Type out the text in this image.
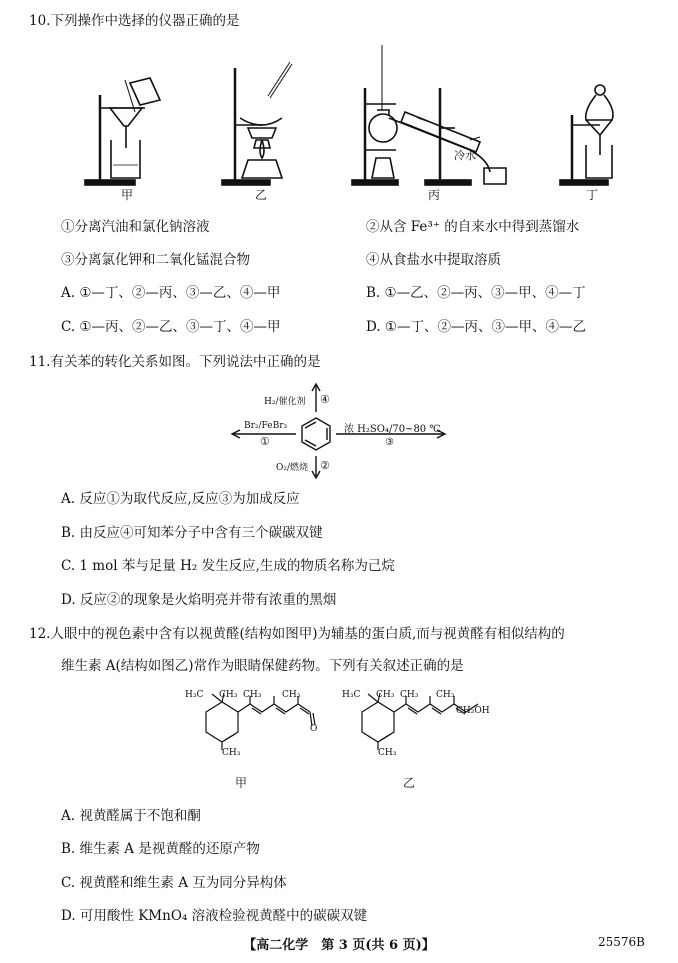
10.下列操作中选择的仪器正确的是
甲	乙	丙	丁
冷水
①分离汽油和氯化钠溶液	②从含 Fe³⁺ 的自来水中得到蒸馏水
③分离氯化钾和二氧化锰混合物	④从食盐水中提取溶质
A. ①—丁、②—丙、③—乙、④—甲	B. ①—乙、②—丙、③—甲、④—丁
C. ①—丙、②—乙、③—丁、④—甲	D. ①—丁、②—丙、③—甲、④—乙
11.有关苯的转化关系如图。下列说法中正确的是
H₂/催化剂 ④
Br₂/FeBr₃
①
浓 H₂SO₄/70~80 ℃
③
O₂/燃烧 ②
A. 反应①为取代反应,反应③为加成反应
B. 由反应④可知苯分子中含有三个碳碳双键
C. 1 mol 苯与足量 H₂ 发生反应,生成的物质名称为己烷
D. 反应②的现象是火焰明亮并带有浓重的黑烟
12.人眼中的视色素中含有以视黄醛(结构如图甲)为辅基的蛋白质,而与视黄醛有相似结构的
维生素 A(结构如图乙)常作为眼睛保健药物。下列有关叙述正确的是
H₃C CH₃ CH₃ CH₃
CH₃
O
甲
H₃C CH₃ CH₃ CH₃
CH₃
CH₂OH
乙
A. 视黄醛属于不饱和酮
B. 维生素 A 是视黄醛的还原产物
C. 视黄醛和维生素 A 互为同分异构体
D. 可用酸性 KMnO₄ 溶液检验视黄醛中的碳碳双键
【高二化学　第 3 页(共 6 页)】	25576B
